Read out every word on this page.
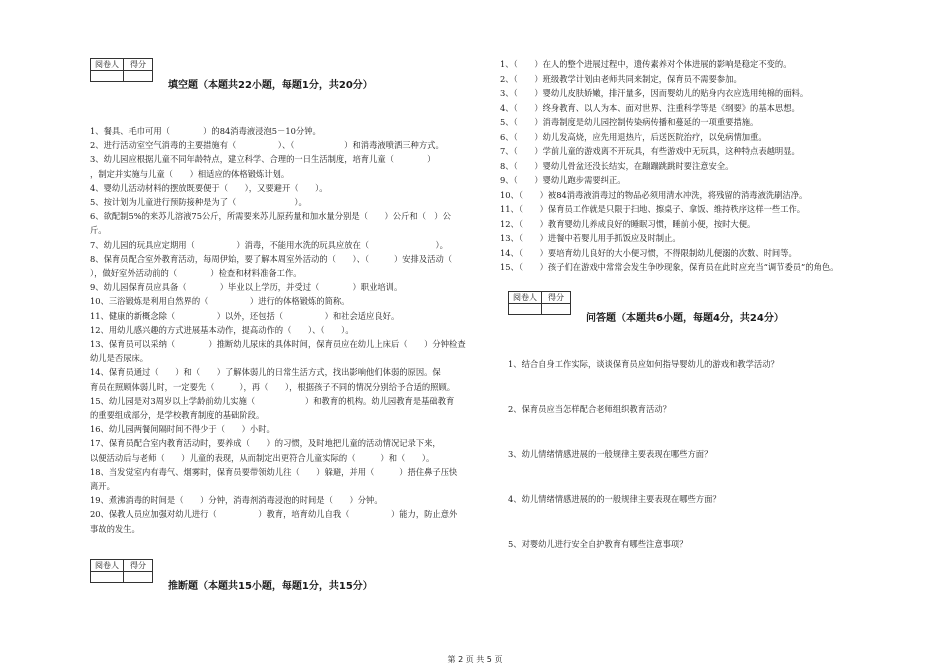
阅卷人	得分

填空题（本题共22小题，每题1分，共20分）
1、餐具、毛巾可用（　　　　）的84消毒液浸泡5－10分钟。
2、进行活动室空气消毒的主要措施有（　　　　　）、（　　　　　　）和消毒液喷洒三种方式。
3、幼儿园应根据儿童不同年龄特点，建立科学、合理的一日生活制度，培育儿童（　　　　）
，制定并实施与儿童（　　）相适应的体格锻炼计划。
4、婴幼儿活动材料的摆放既要便于（　　），又要避开（　　）。
5、按计划为儿童进行预防接种是为了（　　　　　　　）。
6、欲配制5%的来苏儿溶液75公斤，所需要来苏儿原药量和加水量分别是（　　）公斤和（　）公
斤。
7、幼儿园的玩具应定期用（　　　　　）消毒，不能用水洗的玩具应放在（　　　　　　　　）。
8、保育员配合室外教育活动，每周伊始，要了解本周室外活动的（　　）、（　　　）安排及活动（
），做好室外活动前的（　　　　）检查和材料准备工作。
9、幼儿园保育员应具备（　　　　）毕业以上学历，并受过（　　　　）职业培训。
10、三浴锻炼是利用自然界的（　　　　　）进行的体格锻炼的简称。
11、健康的新概念除（　　　　　）以外，还包括（　　　　　）和社会适应良好。
12、用幼儿感兴趣的方式进展基本动作，提高动作的（　　）、（　　）。
13、保育员可以采纳（　　　　）推断幼儿尿床的具体时间，保育员应在幼儿上床后（　　）分钟检查
幼儿是否尿床。
14、保育员通过（　　）和（　　）了解体弱儿的日常生活方式，找出影响他们体弱的原因。保
育员在照顾体弱儿时，一定要先（　　　），再（　　），根据孩子不同的情况分别给予合适的照顾。
15、幼儿园是对3周岁以上学龄前幼儿实施（　　　　　　）和教育的机构。幼儿园教育是基础教育
的重要组成部分，是学校教育制度的基础阶段。
16、幼儿园两餐间隔时间不得少于（　　）小时。
17、保育员配合室内教育活动时，要养成（　　）的习惯，及时地把儿童的活动情况记录下来，
以便活动后与老师（　　）儿童的表现，从而制定出更符合儿童实际的（　　　）和（　　）。
18、当发觉室内有毒气、烟雾时，保育员要带领幼儿往（　　）躲避，并用（　　　）捂住鼻子压快
离开。
19、煮沸消毒的时间是（　　）分钟，消毒剂消毒浸泡的时间是（　　）分钟。
20、保教人员应加强对幼儿进行（　　　　　）教育，培育幼儿自我（　　　　　）能力，防止意外
事故的发生。
阅卷人	得分

推断题（本题共15小题，每题1分，共15分）
1、（　　）在人的整个进展过程中，遗传素养对个体进展的影响是稳定不变的。
2、（　　）班级教学计划由老师共同来制定，保育员不需要参加。
3、（　　）婴幼儿皮肤娇嫩，排汗量多，因而婴幼儿的贴身内衣应选用纯棉的面料。
4、（　　）终身教育、以人为本、面对世界、注重科学等是《纲要》的基本思想。
5、（　　）消毒制度是幼儿园控制传染病传播和蔓延的一项重要措施。
6、（　　）幼儿发高烧，应先用退热片，后送医院治疗，以免病情加重。
7、（　　）学前儿童的游戏离不开玩具，有些游戏中无玩具，这种特点表越明显。
8、（　　）婴幼儿骨盆还没长结实，在蹦蹦跳跳时要注意安全。
9、（　　）婴幼儿跑步需要纠正。
10、（　　）被84消毒液消毒过的物品必须用清水冲洗，将残留的消毒液洗刷洁净。
11、（　　）保育员工作就是只限于扫地、擦桌子、拿饭、维持秩序这样一些工作。
12、（　　）教育婴幼儿养成良好的睡眠习惯，睡前小便，按时大便。
13、（　　）进餐中若婴儿用手抓饭应及时制止。
14、（　　）要培育幼儿良好的大小便习惯，不得限制幼儿便溺的次数、时间等。
15、（　　）孩子们在游戏中常常会发生争吵现象，保育员在此时应充当“调节委员”的角色。
阅卷人	得分

问答题（本题共6小题，每题4分，共24分）
1、结合自身工作实际，谈谈保育员应如何指导婴幼儿的游戏和教学活动？
2、保育员应当怎样配合老师组织教育活动？
3、幼儿情绪情感进展的一般规律主要表现在哪些方面？
4、幼儿情绪情感进展的的一般规律主要表现在哪些方面？
5、对婴幼儿进行安全自护教育有哪些注意事项？
第 2 页 共 5 页
